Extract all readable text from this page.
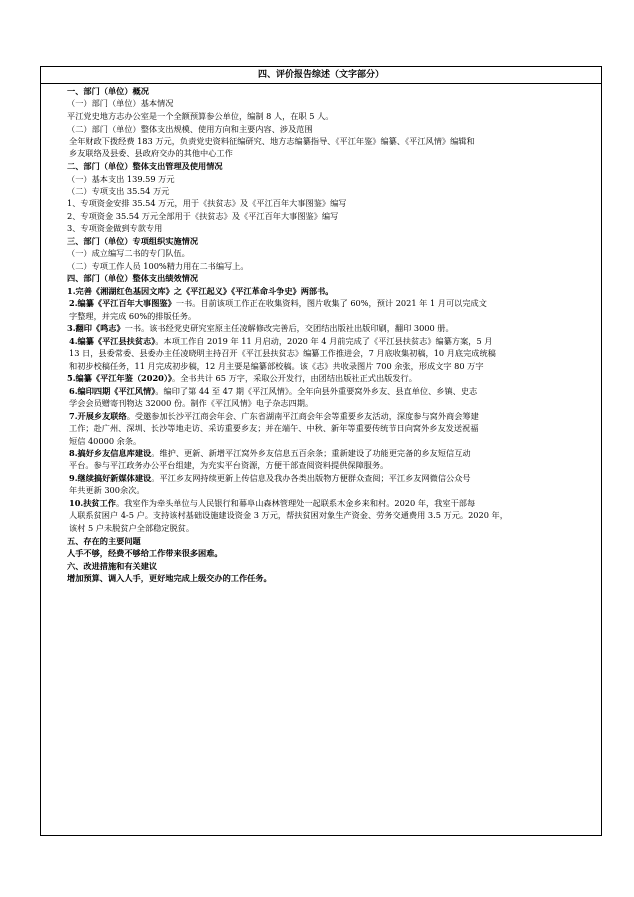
四、评价报告综述（文字部分）
一、部门（单位）概况
（一）部门（单位）基本情况
平江党史地方志办公室是一个全额预算参公单位，编制 8 人，在职 5 人。
（二）部门（单位）整体支出规模、使用方向和主要内容、涉及范围
全年财政下拨经费 183 万元，负责党史资料征编研究、地方志编纂指导、《平江年鉴》编纂、《平江风情》编辑和
乡友联络及县委、县政府交办的其他中心工作
二、部门（单位）整体支出管理及使用情况
（一）基本支出 139.59 万元
（二）专项支出 35.54 万元
1、专项资金安排 35.54 万元，用于《扶贫志》及《平江百年大事图鉴》编写
2、专项资金 35.54 万元全部用于《扶贫志》及《平江百年大事图鉴》编写
3、专项资金做到专款专用
三、部门（单位）专项组织实施情况
（一）成立编写二书的专门队伍。
（二）专项工作人员 100%精力用在二书编写上。
四、部门（单位）整体支出绩效情况
1.完善《湘湖红色基因文库》之《平江起义》《平江革命斗争史》两部书。
2.编纂《平江百年大事图鉴》一书。目前该项工作正在收集资料，图片收集了 60%，预计 2021 年 1 月可以完成文
字整理，并完成 60%的排版任务。
3.翻印《鸣志》一书。该书经党史研究室原主任凌解修改完善后，交团结出版社出版印刷，翻印 3000 册。
4.编纂《平江县扶贫志》。本项工作自 2019 年 11 月启动，2020 年 4 月前完成了《平江县扶贫志》编纂方案，5 月
13 日，县委常委、县委办主任凌晓明主持召开《平江县扶贫志》编纂工作推进会，7 月底收集初稿，10 月底完成统稿
和初步校稿任务，11 月完成初步稿，12 月主要是编纂部校稿。该《志》共收录图片 700 余张，形成文字 80 万字
5.编纂《平江年鉴（2020）》。全书共计 65 万字，采取公开发行，由团结出版社正式出版发行。
6.编印四期《平江风情》。编印了第 44 至 47 期《平江风情》。全年向县外重要窝外乡友、县直单位、乡镇、史志
学会会员赠寄刊物达 32000 份。制作《平江风情》电子杂志四期。
7.开展乡友联络。受邀参加长沙平江商会年会、广东省湖南平江商会年会等重要乡友活动，深度参与窝外商会筹建
工作；赴广州、深圳、长沙等地走访、采访重要乡友；并在端午、中秋、新年等重要传统节日向窝外乡友发送祝福
短信 40000 余条。
8.搞好乡友信息库建设。维护、更新、新增平江窝外乡友信息五百余条；重新建设了功能更完备的乡友短信互动
平台。参与平江政务办公平台组建，为充实平台资源，方便干部查阅资料提供保障服务。
9.继续搞好新媒体建设。平江乡友网持续更新上传信息及我办各类出版物方便群众查阅；平江乡友网微信公众号
年共更新 300余次。
10.扶贫工作。我室作为牵头单位与人民银行和幕阜山森林管理处一起联系木金乡来和村。2020 年，我室干部每
人联系贫困户 4-5 户。支持该村基础设施建设资金 3 万元，帮扶贫困对象生产资金、劳务交通费用 3.5 万元。2020 年，
该村 5 户未脱贫户全部稳定脱贫。
五、存在的主要问题
人手不够，经费不够给工作带来很多困难。
六、改进措施和有关建议
增加预算、调入人手，更好地完成上级交办的工作任务。
